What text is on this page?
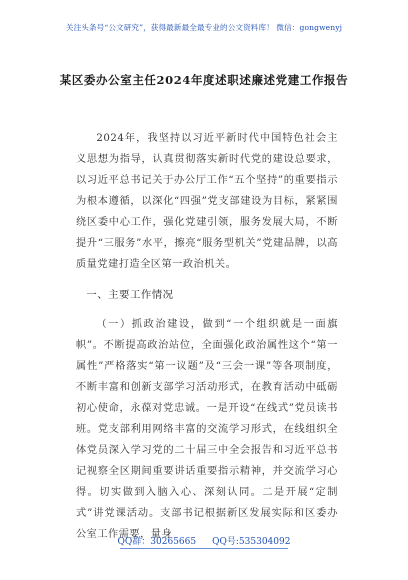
关注头条号“公文研究”，获得最新最全最专业的公文资料库！ 微信：gongwenyj
某区委办公室主任2024年度述职述廉述党建工作报告

2024年，我坚持以习近平新时代中国特色社会主义思想为指导，认真贯彻落实新时代党的建设总要求，以习近平总书记关于办公厅工作“五个坚持”的重要指示为根本遵循，以深化“四强”党支部建设为目标，紧紧围绕区委中心工作，强化党建引领，服务发展大局，不断提升“三服务”水平，擦亮“服务型机关”党建品牌，以高质量党建打造全区第一政治机关。

一、主要工作情况

（一）抓政治建设，做到“一个组织就是一面旗帜”。不断提高政治站位，全面强化政治属性这个“第一属性”严格落实“第一议题”及“三会一课”等各项制度，不断丰富和创新支部学习活动形式，在教育活动中砥砺初心使命，永葆对党忠诚。一是开设“在线式”党员读书班。党支部利用网络丰富的交流学习形式，在线组织全体党员深入学习党的二十届三中全会报告和习近平总书记视察全区期间重要讲话重要指示精神，并交流学习心得。切实做到入脑入心、深刻认同。二是开展“定制式”讲党课活动。支部书记根据新区发展实际和区委办公室工作需要，量身

QQ群：30265665 QQ号:535304092
